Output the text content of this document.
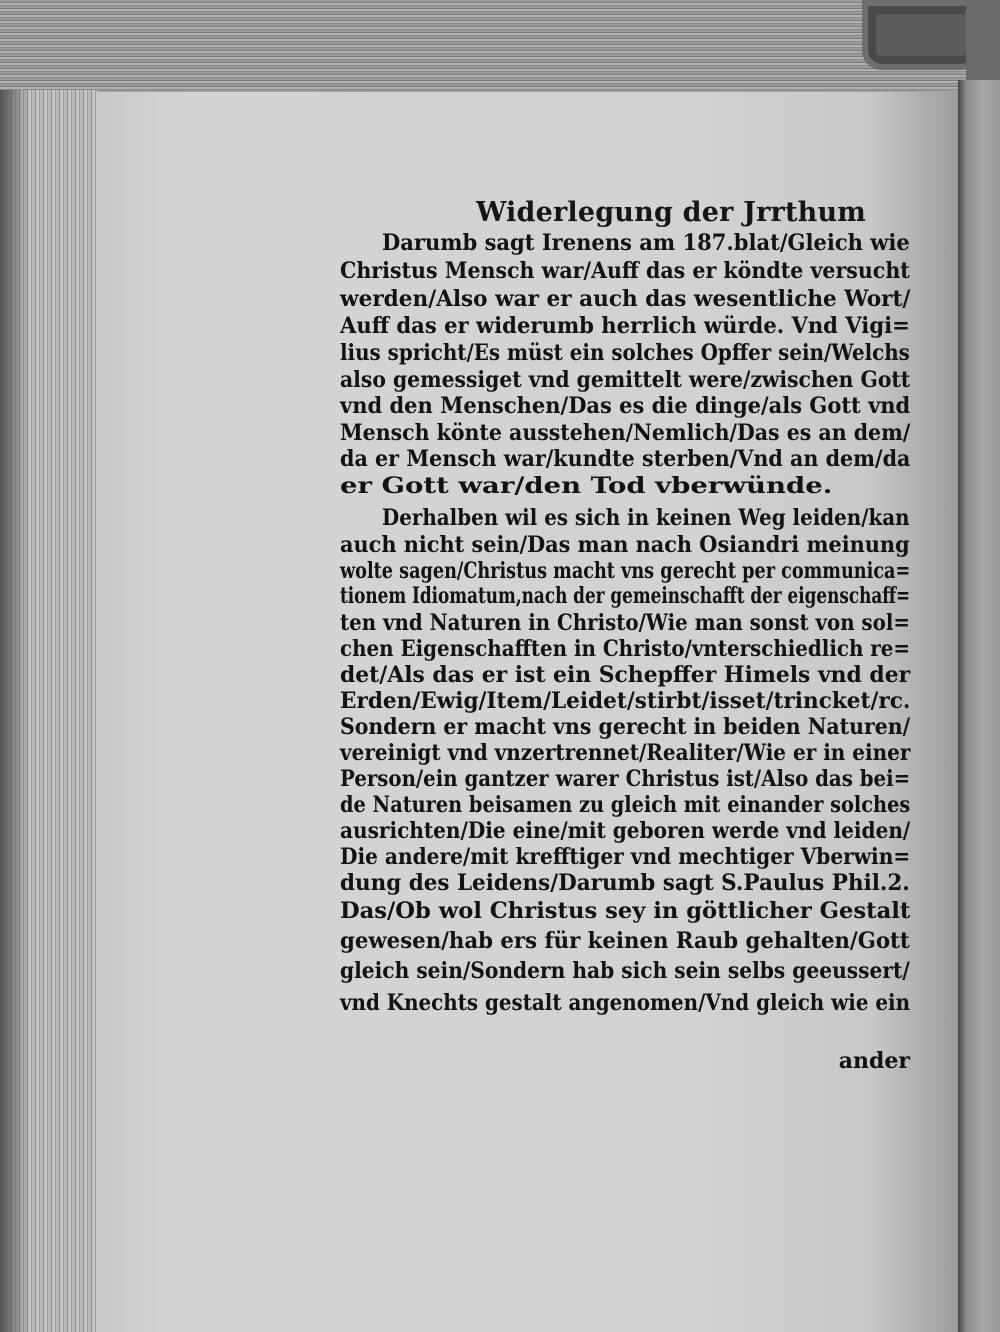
Widerlegung der Jrrthum

Darumb sagt Irenens am 187.blat/Gleich wie

Christus Mensch war/Auff das er köndte versucht

werden/Also war er auch das wesentliche Wort/

Auff das er widerumb herrlich würde. Vnd Vigi=

lius spricht/Es müst ein solches Opffer sein/Welchs

also gemessiget vnd gemittelt were/zwischen Gott

vnd den Menschen/Das es die dinge/als Gott vnd

Mensch könte ausstehen/Nemlich/Das es an dem/

da er Mensch war/kundte sterben/Vnd an dem/da

er Gott war/den Tod vberwünde.

Derhalben wil es sich in keinen Weg leiden/kan

auch nicht sein/Das man nach Osiandri meinung

wolte sagen/Christus macht vns gerecht per communica=

tionem Idiomatum,nach der gemeinschafft der eigenschaff=

ten vnd Naturen in Christo/Wie man sonst von sol=

chen Eigenschafften in Christo/vnterschiedlich re=

det/Als das er ist ein Schepffer Himels vnd der

Erden/Ewig/Item/Leidet/stirbt/isset/trincket/rc.

Sondern er macht vns gerecht in beiden Naturen/

vereinigt vnd vnzertrennet/Realiter/Wie er in einer

Person/ein gantzer warer Christus ist/Also das bei=

de Naturen beisamen zu gleich mit einander solches

ausrichten/Die eine/mit geboren werde vnd leiden/

Die andere/mit krefftiger vnd mechtiger Vberwin=

dung des Leidens/Darumb sagt S.Paulus Phil.2.

Das/Ob wol Christus sey in göttlicher Gestalt

gewesen/hab ers für keinen Raub gehalten/Gott

gleich sein/Sondern hab sich sein selbs geeussert/

vnd Knechts gestalt angenomen/Vnd gleich wie ein

ander
